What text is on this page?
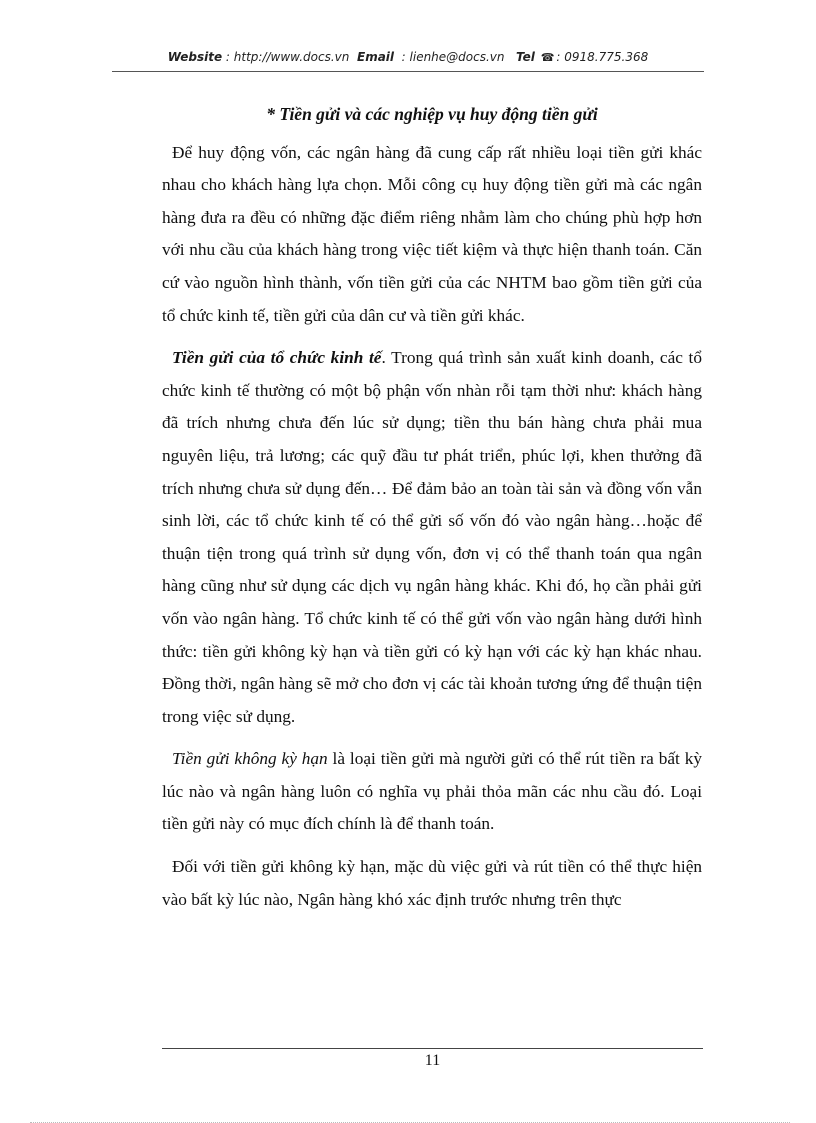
Website : http://www.docs.vn Email : lienhe@docs.vn Tel ☎ : 0918.775.368
* Tiền gửi và các nghiệp vụ huy động tiền gửi

Để huy động vốn, các ngân hàng đã cung cấp rất nhiều loại tiền gửi khác nhau cho khách hàng lựa chọn. Mỗi công cụ huy động tiền gửi mà các ngân hàng đưa ra đều có những đặc điểm riêng nhằm làm cho chúng phù hợp hơn với nhu cầu của khách hàng trong việc tiết kiệm và thực hiện thanh toán. Căn cứ vào nguồn hình thành, vốn tiền gửi của các NHTM bao gồm tiền gửi của tổ chức kinh tế, tiền gửi của dân cư và tiền gửi khác.

Tiền gửi của tổ chức kinh tế. Trong quá trình sản xuất kinh doanh, các tổ chức kinh tế thường có một bộ phận vốn nhàn rỗi tạm thời như: khách hàng đã trích nhưng chưa đến lúc sử dụng; tiền thu bán hàng chưa phải mua nguyên liệu, trả lương; các quỹ đầu tư phát triển, phúc lợi, khen thưởng đã trích nhưng chưa sử dụng đến… Để đảm bảo an toàn tài sản và đồng vốn vẫn sinh lời, các tổ chức kinh tế có thể gửi số vốn đó vào ngân hàng…hoặc để thuận tiện trong quá trình sử dụng vốn, đơn vị có thể thanh toán qua ngân hàng cũng như sử dụng các dịch vụ ngân hàng khác. Khi đó, họ cần phải gửi vốn vào ngân hàng. Tổ chức kinh tế có thể gửi vốn vào ngân hàng dưới hình thức: tiền gửi không kỳ hạn và tiền gửi có kỳ hạn với các kỳ hạn khác nhau. Đồng thời, ngân hàng sẽ mở cho đơn vị các tài khoản tương ứng để thuận tiện trong việc sử dụng.

Tiền gửi không kỳ hạn là loại tiền gửi mà người gửi có thể rút tiền ra bất kỳ lúc nào và ngân hàng luôn có nghĩa vụ phải thỏa mãn các nhu cầu đó. Loại tiền gửi này có mục đích chính là để thanh toán.

Đối với tiền gửi không kỳ hạn, mặc dù việc gửi và rút tiền có thể thực hiện vào bất kỳ lúc nào, Ngân hàng khó xác định trước nhưng trên thực

11
